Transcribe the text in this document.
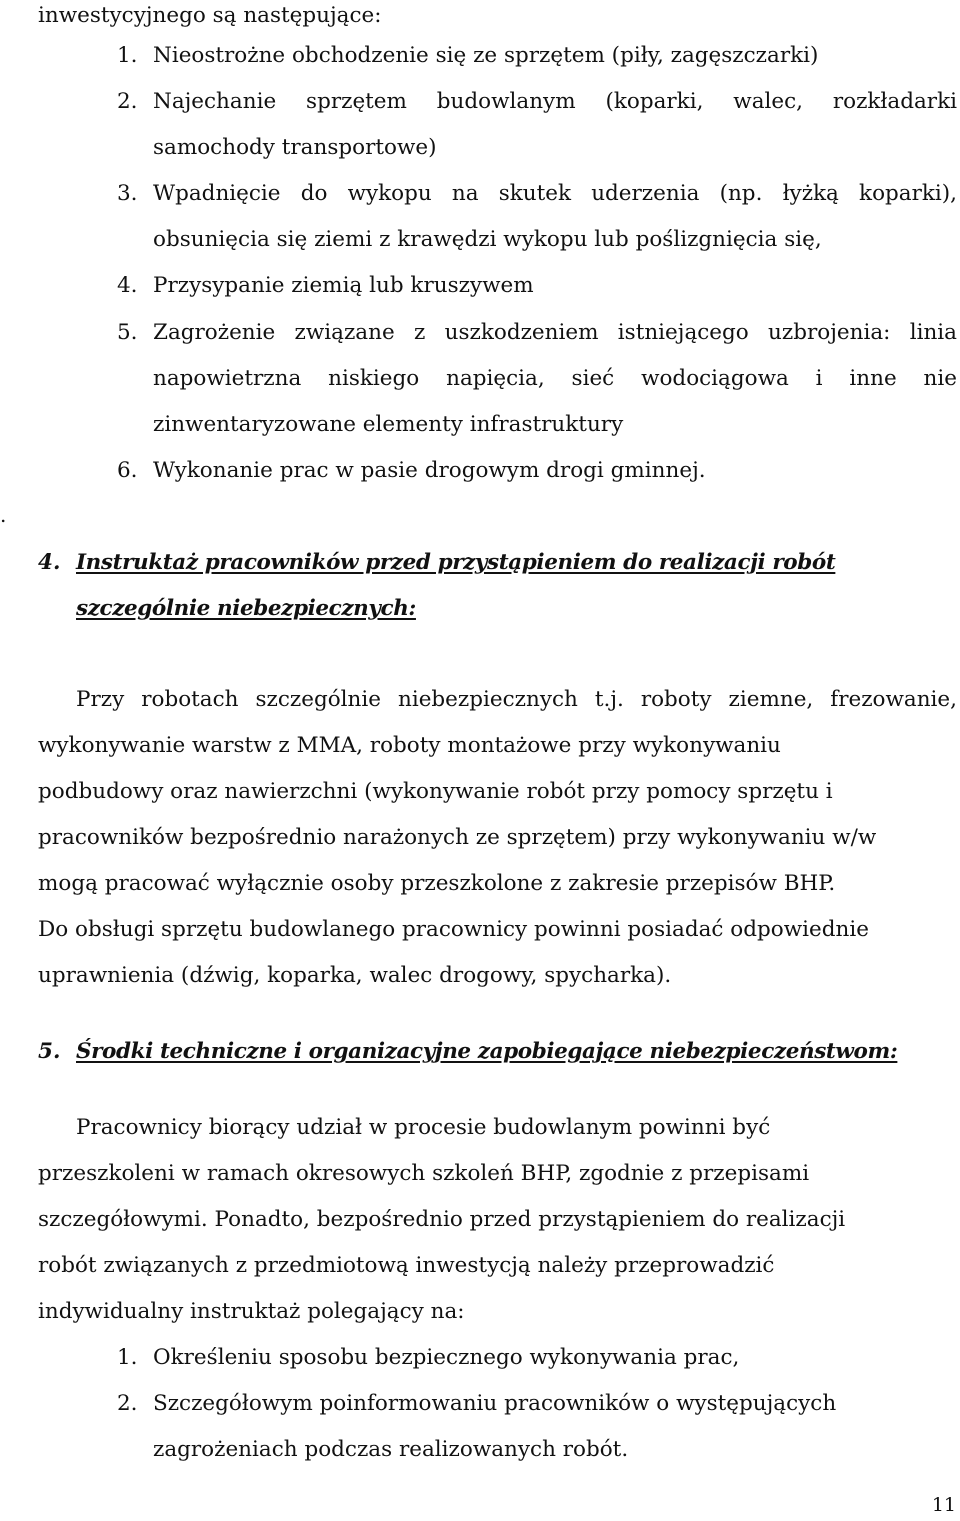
inwestycyjnego są następujące:
1. Nieostrożne obchodzenie się ze sprzętem (piły, zagęszczarki)
2. Najechanie sprzętem budowlanym (koparki, walec, rozkładarki
samochody transportowe)
3. Wpadnięcie do wykopu na skutek uderzenia (np. łyżką koparki),
obsunięcia się ziemi z krawędzi wykopu lub poślizgnięcia się,
4. Przysypanie ziemią lub kruszywem
5. Zagrożenie związane z uszkodzeniem istniejącego uzbrojenia: linia
napowietrzna niskiego napięcia, sieć wodociągowa i inne nie
zinwentaryzowane elementy infrastruktury
6. Wykonanie prac w pasie drogowym drogi gminnej.
.
4. Instruktaż pracowników przed przystąpieniem do realizacji robót
szczególnie niebezpiecznych:
Przy robotach szczególnie niebezpiecznych t.j. roboty ziemne, frezowanie,
wykonywanie warstw z MMA, roboty montażowe przy wykonywaniu
podbudowy oraz nawierzchni (wykonywanie robót przy pomocy sprzętu i
pracowników bezpośrednio narażonych ze sprzętem) przy wykonywaniu w/w
mogą pracować wyłącznie osoby przeszkolone z zakresie przepisów BHP.
Do obsługi sprzętu budowlanego pracownicy powinni posiadać odpowiednie
uprawnienia (dźwig, koparka, walec drogowy, spycharka).
5. Środki techniczne i organizacyjne zapobiegające niebezpieczeństwom:
Pracownicy biorący udział w procesie budowlanym powinni być
przeszkoleni w ramach okresowych szkoleń BHP, zgodnie z przepisami
szczegółowymi. Ponadto, bezpośrednio przed przystąpieniem do realizacji
robót związanych z przedmiotową inwestycją należy przeprowadzić
indywidualny instruktaż polegający na:
1. Określeniu sposobu bezpiecznego wykonywania prac,
2. Szczegółowym poinformowaniu pracowników o występujących
zagrożeniach podczas realizowanych robót.
11
